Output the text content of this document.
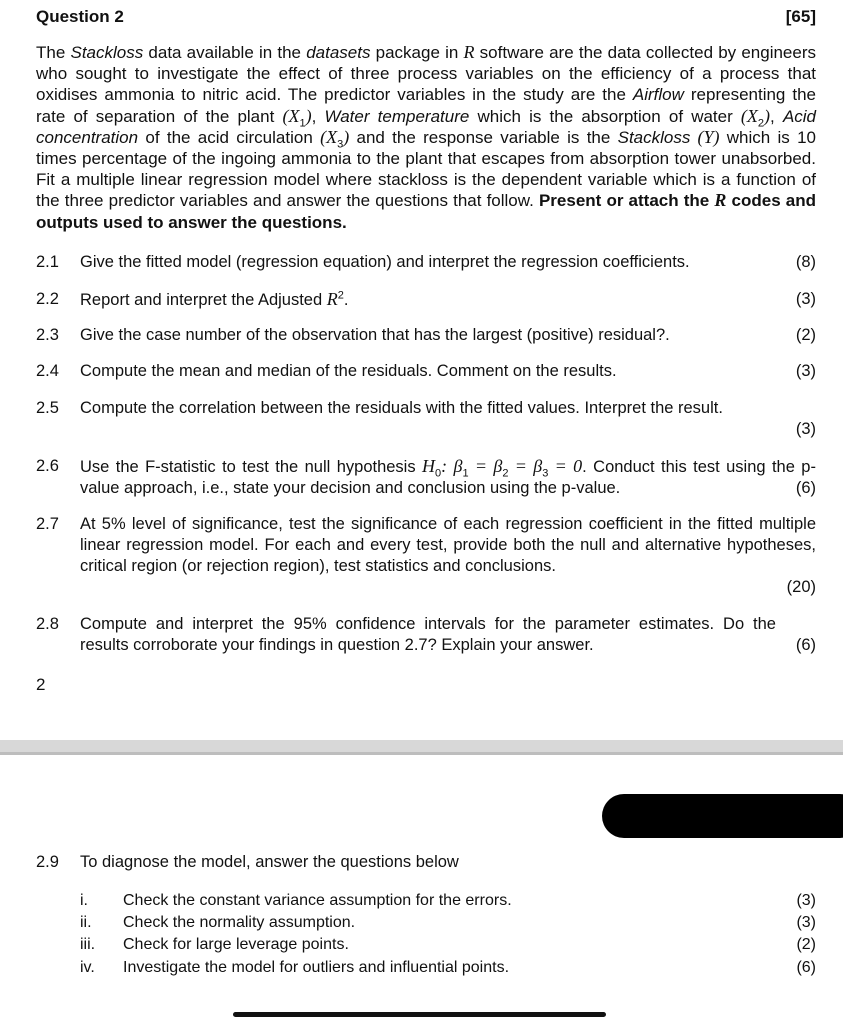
Question 2	[65]

The Stackloss data available in the datasets package in R software are the data collected by engineers who sought to investigate the effect of three process variables on the efficiency of a process that oxidises ammonia to nitric acid. The predictor variables in the study are the Airflow representing the rate of separation of the plant $(X_1)$, Water temperature which is the absorption of water $(X_2)$, Acid concentration of the acid circulation $(X_3)$ and the response variable is the Stackloss (Y) which is 10 times percentage of the ingoing ammonia to the plant that escapes from absorption tower unabsorbed. Fit a multiple linear regression model where stackloss is the dependent variable which is a function of the three predictor variables and answer the questions that follow. Present or attach the R codes and outputs used to answer the questions.

2.1 Give the fitted model (regression equation) and interpret the regression coefficients.	(8)
2.2 Report and interpret the Adjusted $R^2$.	(3)
2.3 Give the case number of the observation that has the largest (positive) residual?.	(2)
2.4 Compute the mean and median of the residuals. Comment on the results.	(3)
2.5 Compute the correlation between the residuals with the fitted values. Interpret the result.
(3)
2.6 Use the F-statistic to test the null hypothesis $H_0$: $\beta_1 = \beta_2 = \beta_3 = 0$. Conduct this test using the p-value approach, i.e., state your decision and conclusion using the p-value.	(6)
2.7 At 5% level of significance, test the significance of each regression coefficient in the fitted multiple linear regression model. For each and every test, provide both the null and alternative hypotheses, critical region (or rejection region), test statistics and conclusions.
(20)
2.8 Compute and interpret the 95% confidence intervals for the parameter estimates. Do the results corroborate your findings in question 2.7? Explain your answer.	(6)
2
2.9 To diagnose the model, answer the questions below
i. Check the constant variance assumption for the errors.	(3)
ii. Check the normality assumption.	(3)
iii. Check for large leverage points.	(2)
iv. Investigate the model for outliers and influential points.	(6)
